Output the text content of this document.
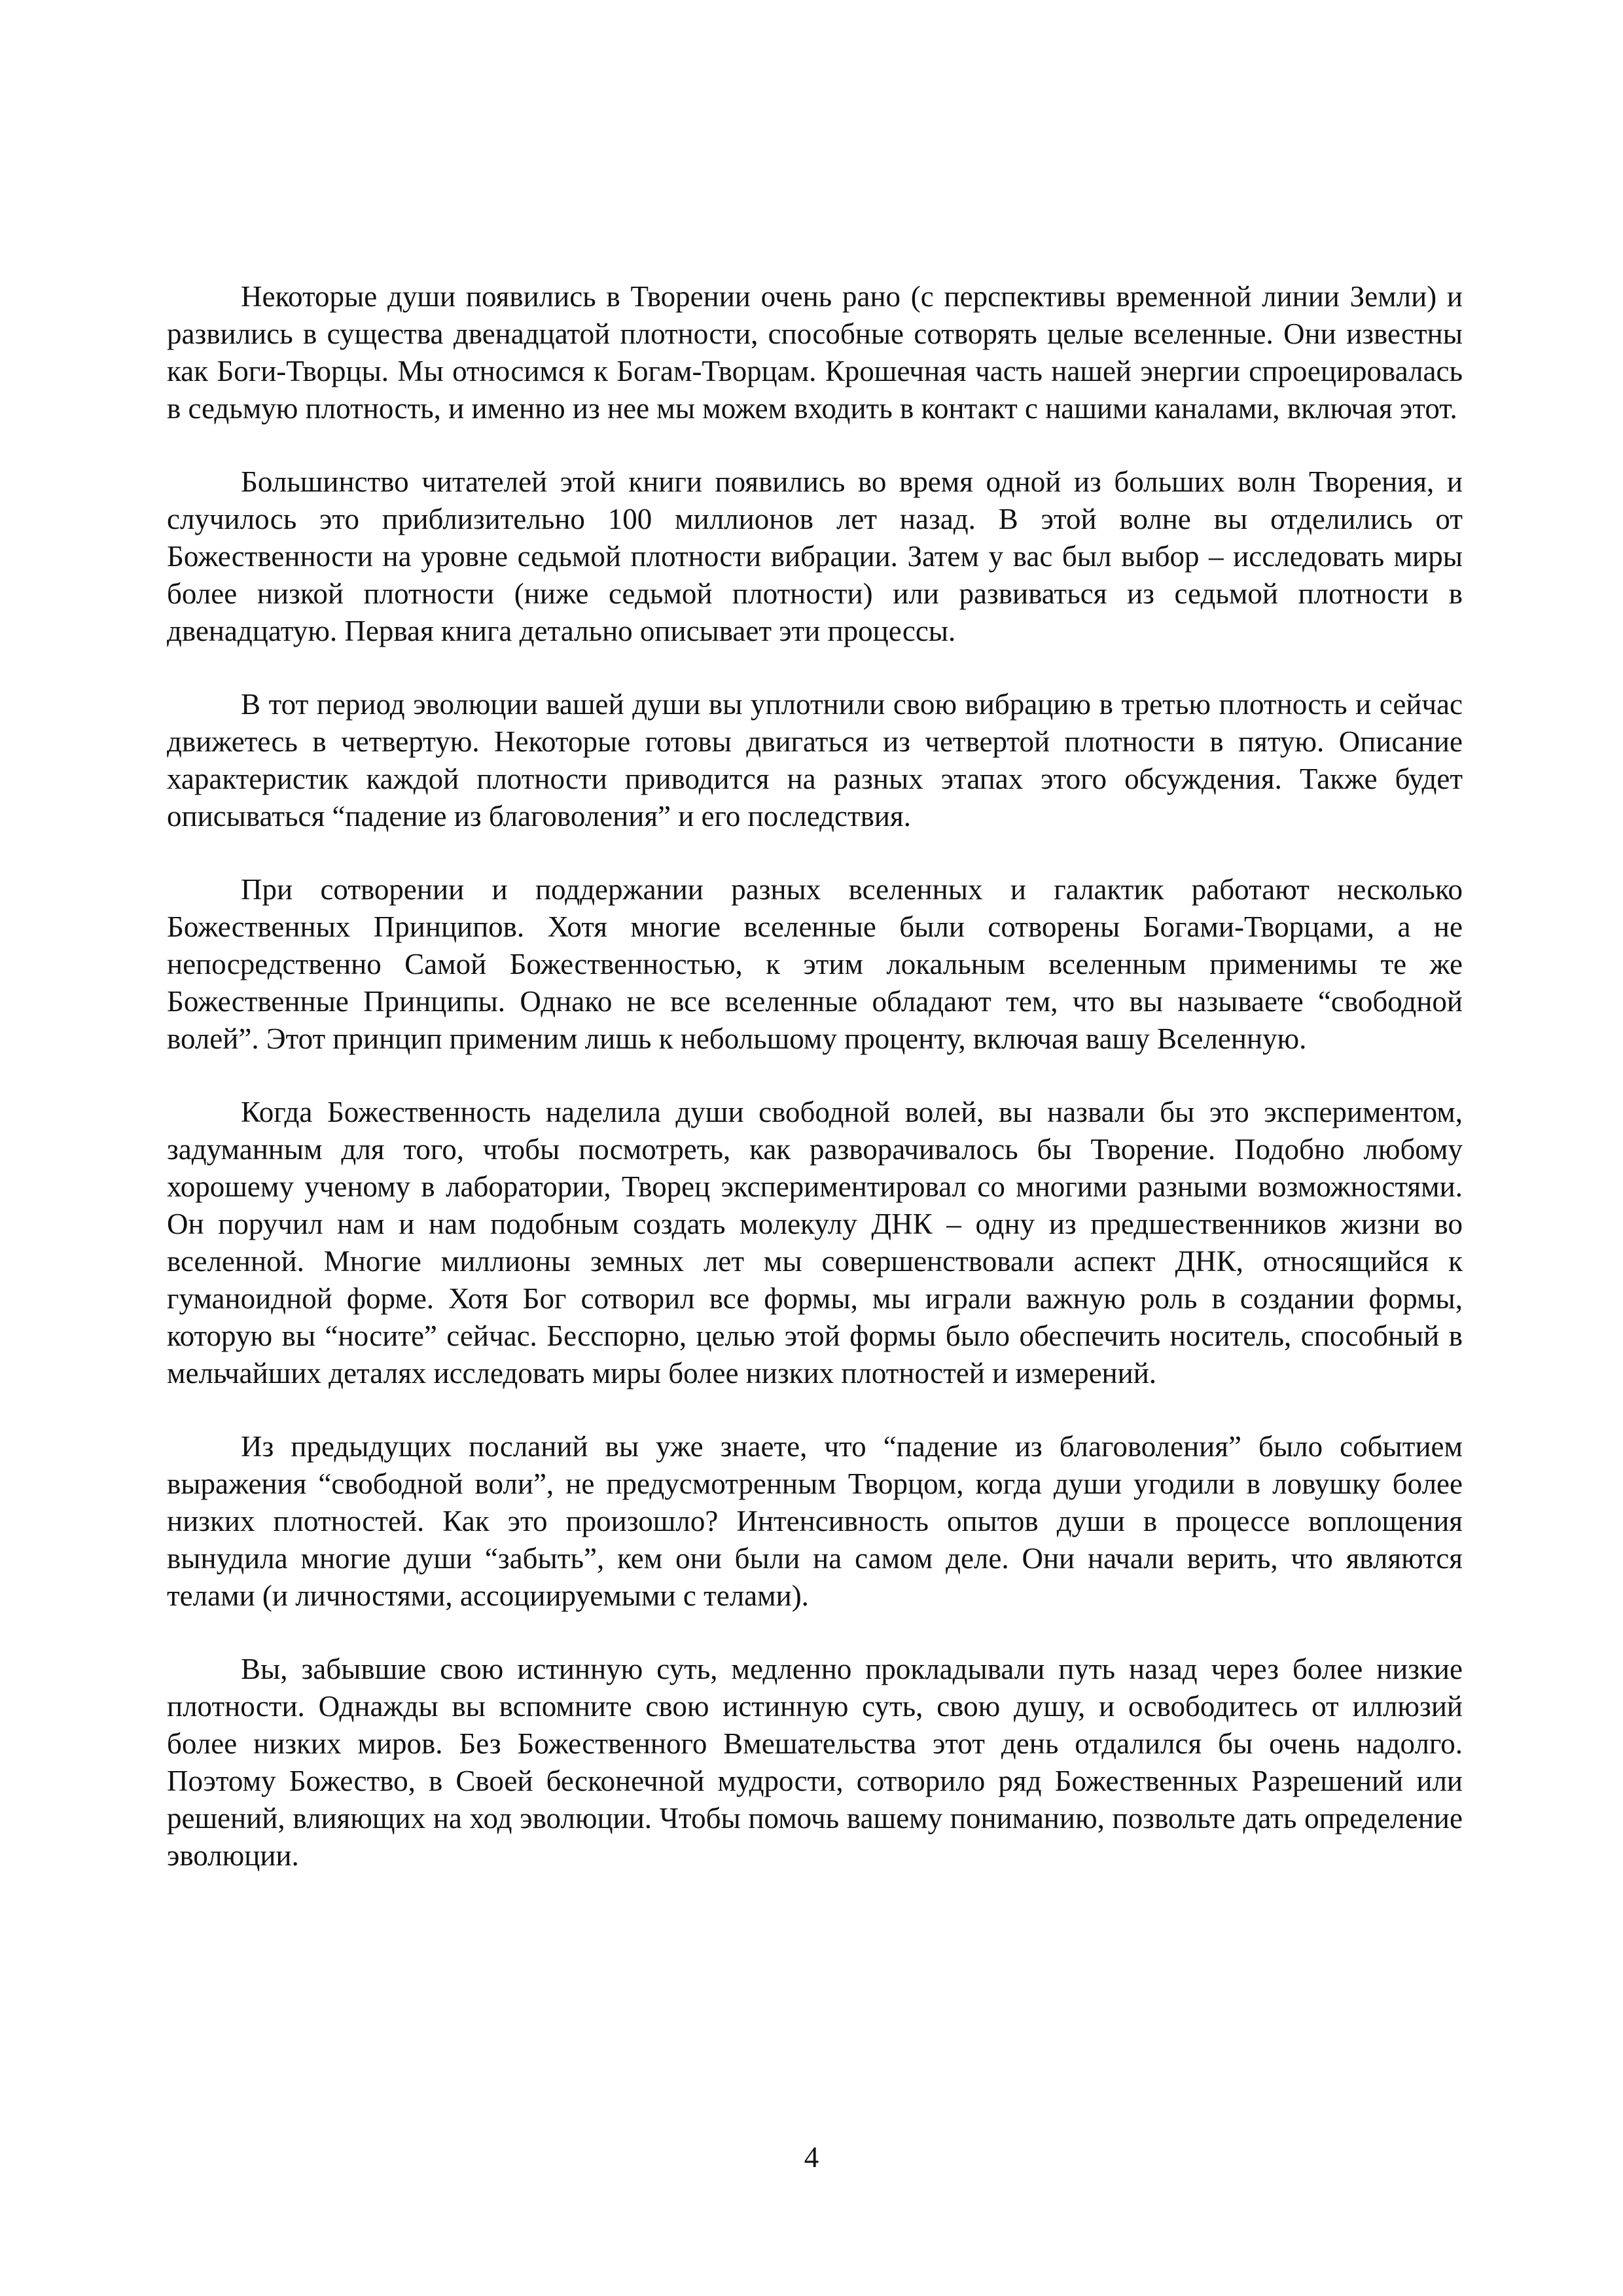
Некоторые души появились в Творении очень рано (с перспективы временной линии Земли) и развились в существа двенадцатой плотности, способные сотворять целые вселенные. Они известны как Боги-Творцы. Мы относимся к Богам-Творцам. Крошечная часть нашей энергии спроецировалась в седьмую плотность, и именно из нее мы можем входить в контакт с нашими каналами, включая этот.

Большинство читателей этой книги появились во время одной из больших волн Творения, и случилось это приблизительно 100 миллионов лет назад. В этой волне вы отделились от Божественности на уровне седьмой плотности вибрации. Затем у вас был выбор – исследовать миры более низкой плотности (ниже седьмой плотности) или развиваться из седьмой плотности в двенадцатую. Первая книга детально описывает эти процессы.

В тот период эволюции вашей души вы уплотнили свою вибрацию в третью плотность и сейчас движетесь в четвертую. Некоторые готовы двигаться из четвертой плотности в пятую. Описание характеристик каждой плотности приводится на разных этапах этого обсуждения. Также будет описываться “падение из благоволения” и его последствия.

При сотворении и поддержании разных вселенных и галактик работают несколько Божественных Принципов. Хотя многие вселенные были сотворены Богами-Творцами, а не непосредственно Самой Божественностью, к этим локальным вселенным применимы те же Божественные Принципы. Однако не все вселенные обладают тем, что вы называете “свободной волей”. Этот принцип применим лишь к небольшому проценту, включая вашу Вселенную.

Когда Божественность наделила души свободной волей, вы назвали бы это экспериментом, задуманным для того, чтобы посмотреть, как разворачивалось бы Творение. Подобно любому хорошему ученому в лаборатории, Творец экспериментировал со многими разными возможностями. Он поручил нам и нам подобным создать молекулу ДНК – одну из предшественников жизни во вселенной. Многие миллионы земных лет мы совершенствовали аспект ДНК, относящийся к гуманоидной форме. Хотя Бог сотворил все формы, мы играли важную роль в создании формы, которую вы “носите” сейчас. Бесспорно, целью этой формы было обеспечить носитель, способный в мельчайших деталях исследовать миры более низких плотностей и измерений.

Из предыдущих посланий вы уже знаете, что “падение из благоволения” было событием выражения “свободной воли”, не предусмотренным Творцом, когда души угодили в ловушку более низких плотностей. Как это произошло? Интенсивность опытов души в процессе воплощения вынудила многие души “забыть”, кем они были на самом деле. Они начали верить, что являются телами (и личностями, ассоциируемыми с телами).

Вы, забывшие свою истинную суть, медленно прокладывали путь назад через более низкие плотности. Однажды вы вспомните свою истинную суть, свою душу, и освободитесь от иллюзий более низких миров. Без Божественного Вмешательства этот день отдалился бы очень надолго. Поэтому Божество, в Своей бесконечной мудрости, сотворило ряд Божественных Разрешений или решений, влияющих на ход эволюции. Чтобы помочь вашему пониманию, позвольте дать определение эволюции.

4
